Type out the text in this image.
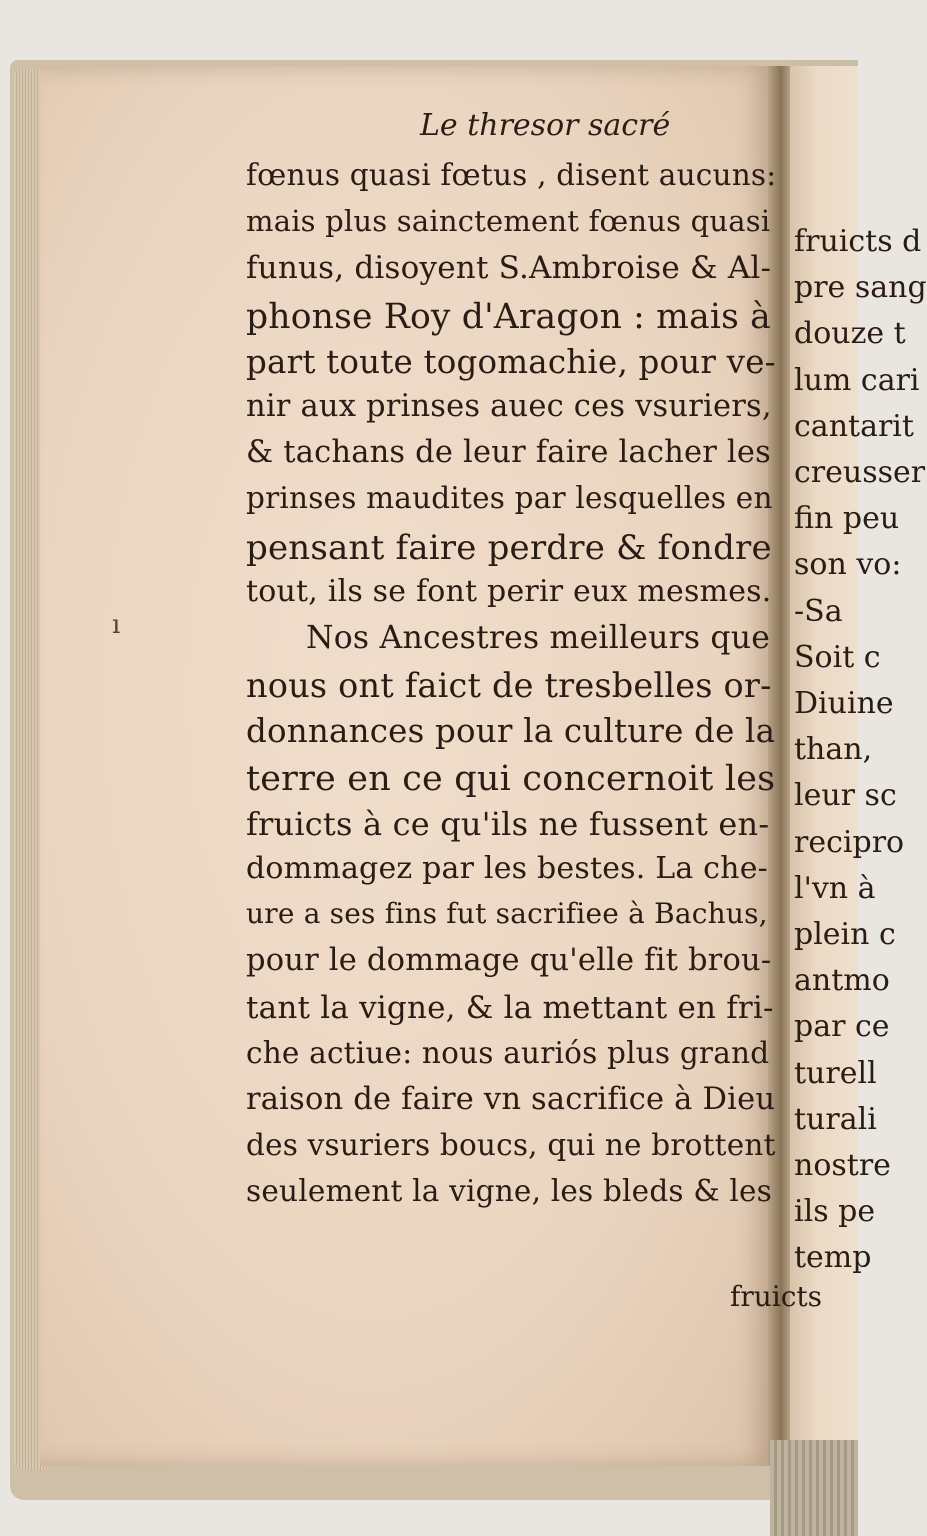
fruicts d
pre sang
douze t
lum cari
cantarit
creusser
fin peu
son vo:
-Sa
Soit c
Diuine
than,
leur sc
recipro
l'vn à
plein c
antmo
par ce
turell
turali
nostre
ils pe
temp
Le thresor sacré
fœnus quasi fœtus , disent aucuns:
mais plus sainctement fœnus quasi
funus, disoyent S.Ambroise & Al-
phonse Roy d'Aragon : mais à
part toute togomachie, pour ve-
nir aux prinses auec ces vsuriers,
& tachans de leur faire lacher les
prinses maudites par lesquelles en
pensant faire perdre & fondre
tout, ils se font perir eux mesmes.
Nos Ancestres meilleurs que
nous ont faict de tresbelles or-
donnances pour la culture de la
terre en ce qui concernoit les
fruicts à ce qu'ils ne fussent en-
dommagez par les bestes. La che-
ure a ses fins fut sacrifiee à Bachus,
pour le dommage qu'elle fit brou-
tant la vigne, & la mettant en fri-
che actiue: nous auriós plus grand
raison de faire vn sacrifice à Dieu
des vsuriers boucs, qui ne brottent
seulement la vigne, les bleds & les
fruicts
ı
